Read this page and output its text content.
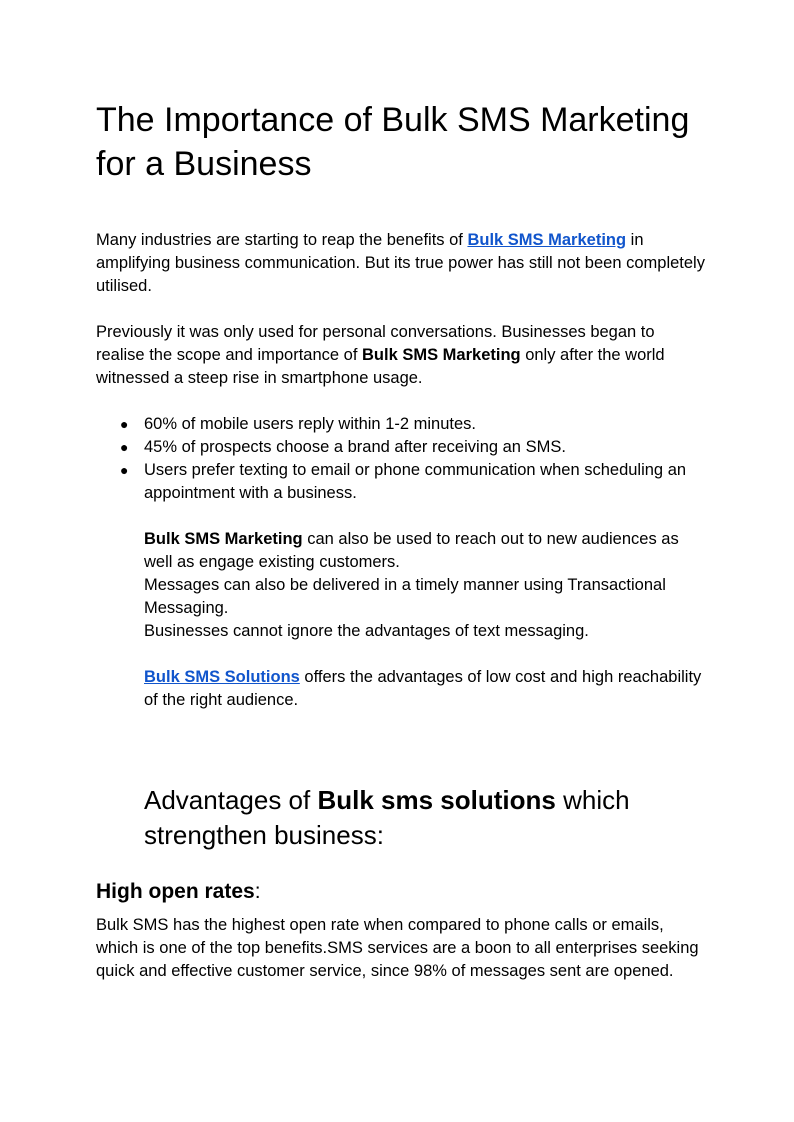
The Importance of Bulk SMS Marketing for a Business

Many industries are starting to reap the benefits of Bulk SMS Marketing in amplifying business communication. But its true power has still not been completely utilised.

Previously it was only used for personal conversations. Businesses began to realise the scope and importance of Bulk SMS Marketing only after the world witnessed a steep rise in smartphone usage.

● 60% of mobile users reply within 1-2 minutes.
● 45% of prospects choose a brand after receiving an SMS.
● Users prefer texting to email or phone communication when scheduling an appointment with a business.
Bulk SMS Marketing can also be used to reach out to new audiences as well as engage existing customers.
Messages can also be delivered in a timely manner using Transactional Messaging.
Businesses cannot ignore the advantages of text messaging.

Bulk SMS Solutions offers the advantages of low cost and high reachability of the right audience.

Advantages of Bulk sms solutions which strengthen business:
High open rates:

Bulk SMS has the highest open rate when compared to phone calls or emails, which is one of the top benefits.SMS services are a boon to all enterprises seeking quick and effective customer service, since 98% of messages sent are opened.
